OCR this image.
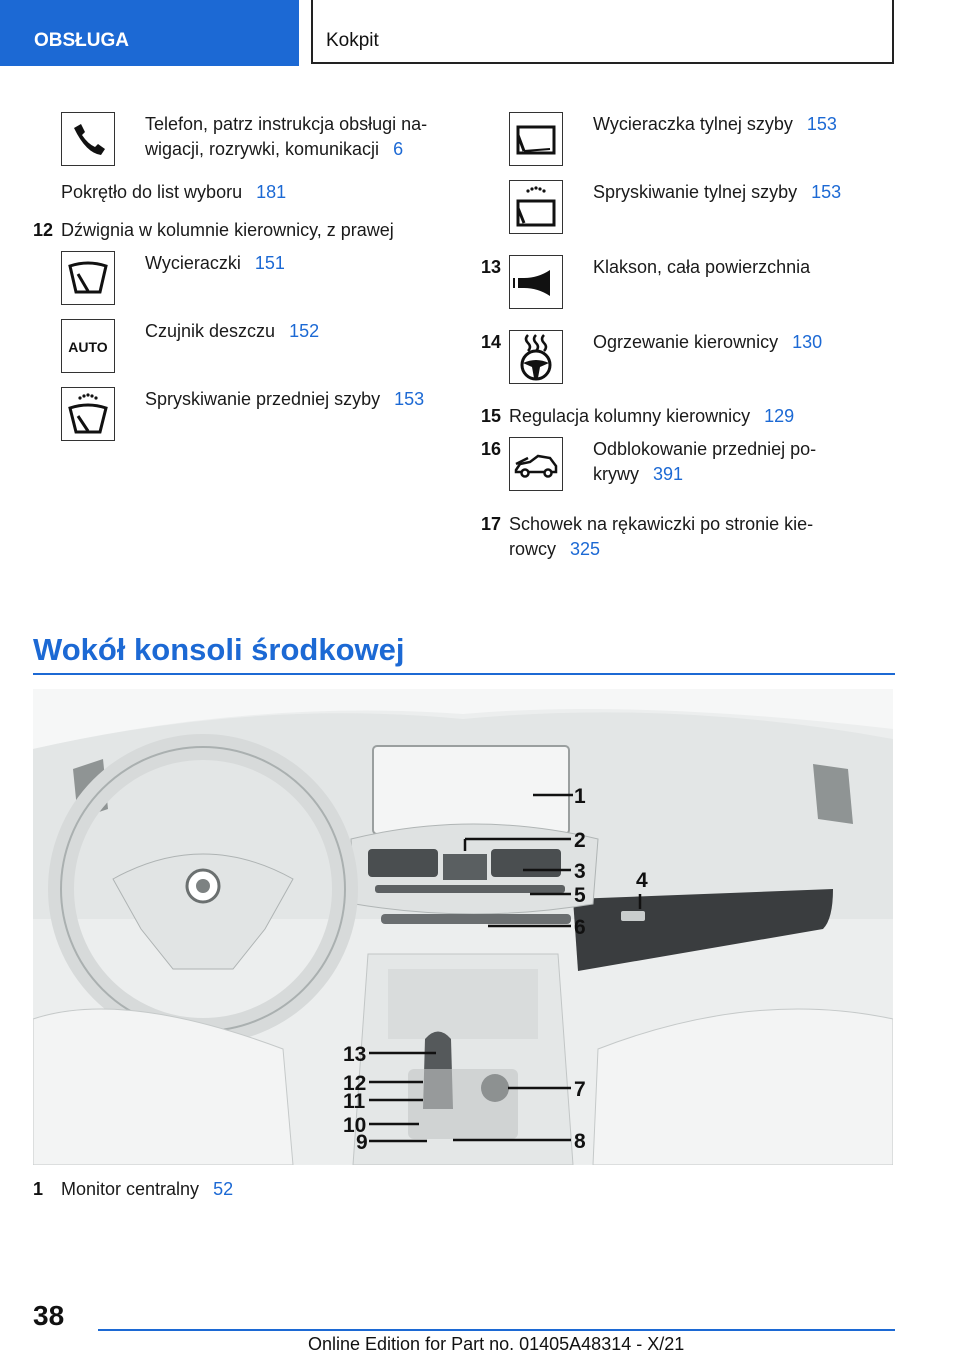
OBSŁUGA	Kokpit
Telefon, patrz instrukcja obsługi na-
wigacji, rozrywki, komunikacji 6
Pokrętło do list wyboru 181
12 Dźwignia w kolumnie kierownicy, z prawej
Wycieraczki 151
AUTO
Czujnik deszczu 152
Spryskiwanie przedniej szyby 153
Wycieraczka tylnej szyby 153
Spryskiwanie tylnej szyby 153
13	Klakson, cała powierzchnia
14	Ogrzewanie kierownicy 130
15 Regulacja kolumny kierownicy 129
16	Odblokowanie przedniej po-
krywy 391
17 Schowek na rękawiczki po stronie kie-
rowcy 325
Wokół konsoli środkowej
1
2
3 4
5
6
7
8
9
10
11
12
13
1 Monitor centralny 52
38
Online Edition for Part no. 01405A48314 - X/21
